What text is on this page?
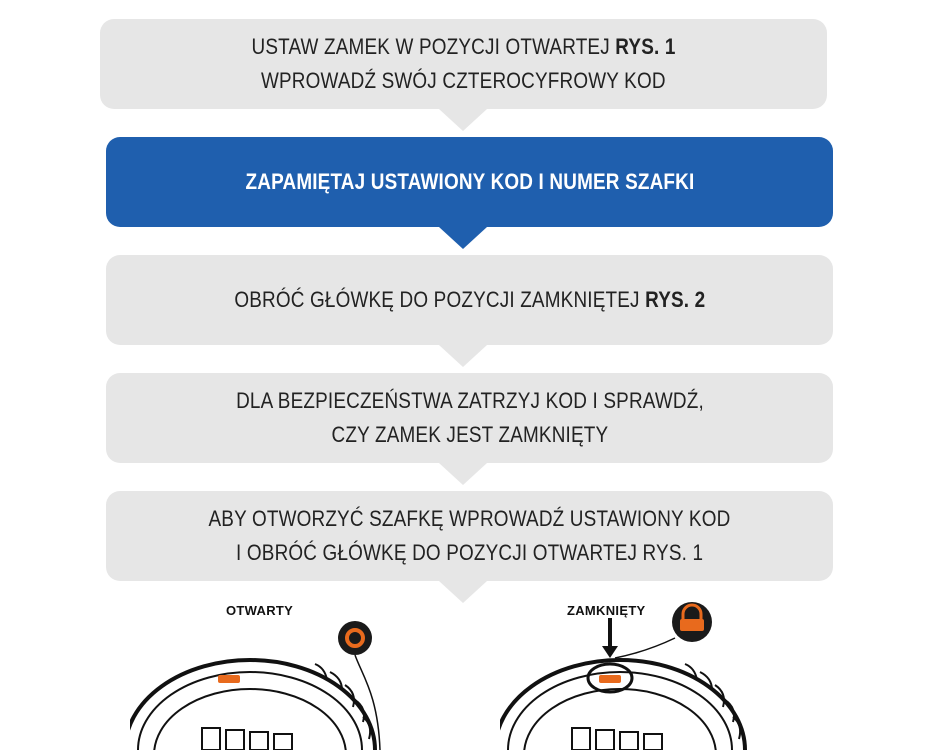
USTAW ZAMEK W POZYCJI OTWARTEJ RYS. 1
WPROWADŹ SWÓJ CZTEROCYFROWY KOD
ZAPAMIĘTAJ USTAWIONY KOD I NUMER SZAFKI
OBRÓĆ GŁÓWKĘ DO POZYCJI ZAMKNIĘTEJ RYS. 2
DLA BEZPIECZEŃSTWA ZATRZYJ KOD I SPRAWDŹ,
CZY ZAMEK JEST ZAMKNIĘTY
ABY OTWORZYĆ SZAFKĘ WPROWADŹ USTAWIONY KOD
I OBRÓĆ GŁÓWKĘ DO POZYCJI OTWARTEJ RYS. 1
OTWARTY	ZAMKNIĘTY
